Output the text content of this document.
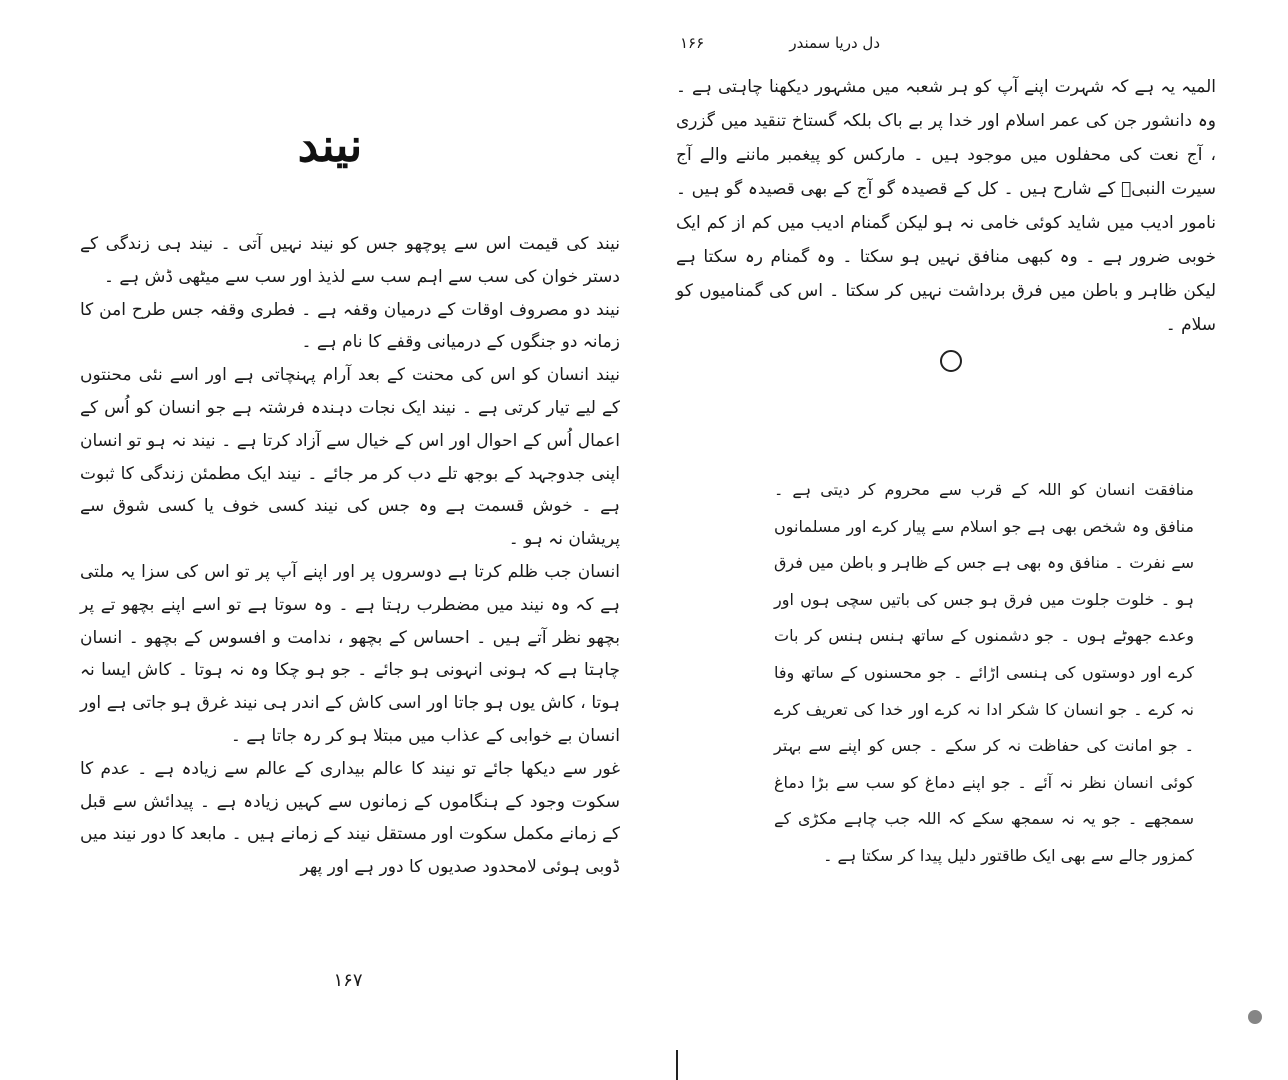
نیند

نیند کی قیمت اس سے پوچھو جس کو نیند نہیں آتی ۔ نیند ہی زندگی کے دستر خوان کی سب سے اہم سب سے لذیذ اور سب سے میٹھی ڈش ہے ۔

نیند دو مصروف اوقات کے درمیان وقفہ ہے ۔ فطری وقفہ جس طرح امن کا زمانہ دو جنگوں کے درمیانی وقفے کا نام ہے ۔

نیند انسان کو اس کی محنت کے بعد آرام پہنچاتی ہے اور اسے نئی محنتوں کے لیے تیار کرتی ہے ۔ نیند ایک نجات دہندہ فرشتہ ہے جو انسان کو اُس کے اعمال اُس کے احوال اور اس کے خیال سے آزاد کرتا ہے ۔ نیند نہ ہو تو انسان اپنی جدوجہد کے بوجھ تلے دب کر مر جائے ۔ نیند ایک مطمئن زندگی کا ثبوت ہے ۔ خوش قسمت ہے وہ جس کی نیند کسی خوف یا کسی شوق سے پریشان نہ ہو ۔

انسان جب ظلم کرتا ہے دوسروں پر اور اپنے آپ پر تو اس کی سزا یہ ملتی ہے کہ وہ نیند میں مضطرب رہتا ہے ۔ وہ سوتا ہے تو اسے اپنے بچھو تے پر بچھو نظر آتے ہیں ۔ احساس کے بچھو ، ندامت و افسوس کے بچھو ۔ انسان چاہتا ہے کہ ہونی انہونی ہو جائے ۔ جو ہو چکا وہ نہ ہوتا ۔ کاش ایسا نہ ہوتا ، کاش یوں ہو جاتا اور اسی کاش کے اندر ہی نیند غرق ہو جاتی ہے اور انسان بے خوابی کے عذاب میں مبتلا ہو کر رہ جاتا ہے ۔

غور سے دیکھا جائے تو نیند کا عالم بیداری کے عالم سے زیادہ ہے ۔ عدم کا سکوت وجود کے ہنگاموں کے زمانوں سے کہیں زیادہ ہے ۔ پیدائش سے قبل کے زمانے مکمل سکوت اور مستقل نیند کے زمانے ہیں ۔ مابعد کا دور نیند میں ڈوبی ہوئی لامحدود صدیوں کا دور ہے اور پھر

۱۶۷
۱۶۶	دل دریا سمندر

المیہ یہ ہے کہ شہرت اپنے آپ کو ہر شعبہ میں مشہور دیکھنا چاہتی ہے ۔ وہ دانشور جن کی عمر اسلام اور خدا پر بے باک بلکہ گستاخ تنقید میں گزری ، آج نعت کی محفلوں میں موجود ہیں ۔ مارکس کو پیغمبر ماننے والے آج سیرت النبیؐ کے شارح ہیں ۔ کل کے قصیدہ گو آج کے بھی قصیدہ گو ہیں ۔ نامور ادیب میں شاید کوئی خامی نہ ہو لیکن گمنام ادیب میں کم از کم ایک خوبی ضرور ہے ۔ وہ کبھی منافق نہیں ہو سکتا ۔ وہ گمنام رہ سکتا ہے لیکن ظاہر و باطن میں فرق برداشت نہیں کر سکتا ۔ اس کی گمنامیوں کو سلام ۔

منافقت انسان کو اللہ کے قرب سے محروم کر دیتی ہے ۔ منافق وہ شخص بھی ہے جو اسلام سے پیار کرے اور مسلمانوں سے نفرت ۔ منافق وہ بھی ہے جس کے ظاہر و باطن میں فرق ہو ۔ خلوت جلوت میں فرق ہو جس کی باتیں سچی ہوں اور وعدے جھوٹے ہوں ۔ جو دشمنوں کے ساتھ ہنس ہنس کر بات کرے اور دوستوں کی ہنسی اڑائے ۔ جو محسنوں کے ساتھ وفا نہ کرے ۔ جو انسان کا شکر ادا نہ کرے اور خدا کی تعریف کرے ۔ جو امانت کی حفاظت نہ کر سکے ۔ جس کو اپنے سے بہتر کوئی انسان نظر نہ آئے ۔ جو اپنے دماغ کو سب سے بڑا دماغ سمجھے ۔ جو یہ نہ سمجھ سکے کہ اللہ جب چاہے مکڑی کے کمزور جالے سے بھی ایک طاقتور دلیل پیدا کر سکتا ہے ۔
